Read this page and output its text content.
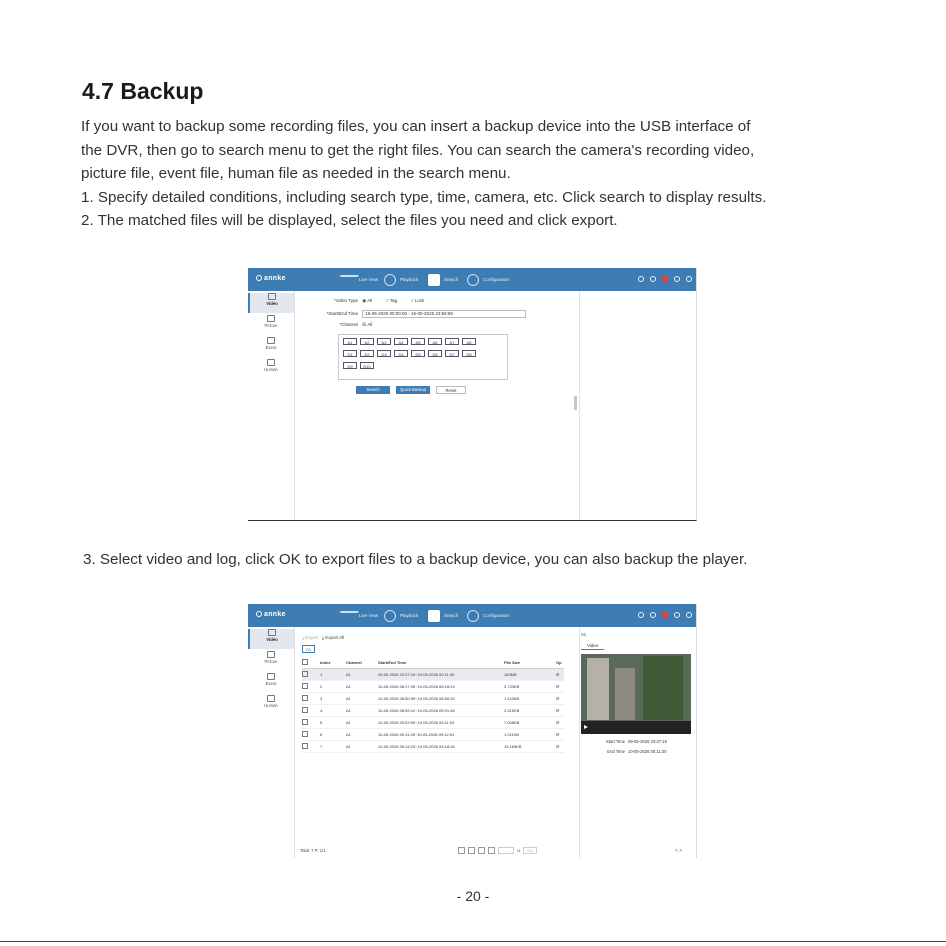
4.7 Backup

If you want to backup some recording files, you can insert a backup device into the USB interface of

the DVR, then go to search menu to get the right files. You can search the camera's recording video,

picture file, event file, human file as needed in the search menu.

1. Specify detailed conditions, including search type, time, camera, etc. Click search to display results.

2. The matched files will be displayed, select the files you need and click export.

annke	Live View	Playback	Search	Configuration
Video
Picture
Event
Human
*Video Type ◉ All	○ Tag	○ Lock
*Start/End Time 16-05-2026 00:00:00 - 16-05-2026 23:59:59
*Channel ☒ All
A1	A2	A3	A4	A5	A6	A7	A8
D1	D2	D3	D4	D5	D6	D7	D8
D9	D10
Search	Quick Backup	Reset

3. Select video and log, click OK to export files to a backup device, you can also backup the player.

annke	Live View	Playback	Search	Configuration
Video
Picture
Event
Human
⤓ Export ⤓ Export All
A1
Index	Channel	Start/End Time	File Size	Op
1	A1	09-05-2026 23:37:19~10-05-2026 00:11:30	163MB	⊟
2	A1	10-05-2026 08:17:39~10-05-2026 08:18:13	3.733KB	⊟
3	A1	10-05-2026 08:50:59~10-05-2026 08:56:15	1.115KB	⊟
4	A1	10-05-2026 08:59:12~10-05-2026 09:01:46	2.015KB	⊟
5	A1	10-05-2026 09:03:50~10-05-2026 09:11:03	7.008KB	⊟
6	A1	10-05-2026 09:11:35~10-05-2026 09:12:51	1.011KB	⊟
7	A1	10-05-2026 09:14:23~10-05-2026 09:18:18	15.169KB	⊟
Total: 7 P: 1/1	/1	Go
A1
Video
Start Time 09-05-2026 23:37:19
End Time 10-05-2026 00:11:30
< >
- 20 -
